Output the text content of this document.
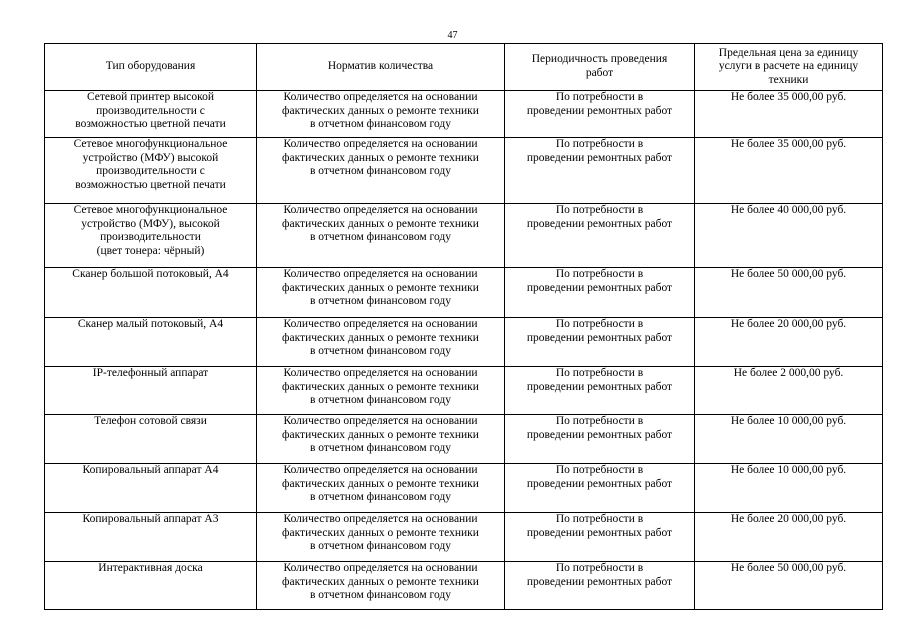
47
Тип оборудования	Норматив количества	Периодичность проведения
работ	Предельная цена за единицу
услуги в расчете на единицу
техники
Сетевой принтер высокой
производительности с
возможностью цветной печати	Количество определяется на основании
фактических данных о ремонте техники
в отчетном финансовом году	По потребности в
проведении ремонтных работ	Не более 35 000,00 руб.
Сетевое многофункциональное
устройство (МФУ) высокой
производительности с
возможностью цветной печати	Количество определяется на основании
фактических данных о ремонте техники
в отчетном финансовом году	По потребности в
проведении ремонтных работ	Не более 35 000,00 руб.
Сетевое многофункциональное
устройство (МФУ), высокой
производительности
(цвет тонера: чёрный)	Количество определяется на основании
фактических данных о ремонте техники
в отчетном финансовом году	По потребности в
проведении ремонтных работ	Не более 40 000,00 руб.
Сканер большой потоковый, А4	Количество определяется на основании
фактических данных о ремонте техники
в отчетном финансовом году	По потребности в
проведении ремонтных работ	Не более 50 000,00 руб.
Сканер малый потоковый, А4	Количество определяется на основании
фактических данных о ремонте техники
в отчетном финансовом году	По потребности в
проведении ремонтных работ	Не более 20 000,00 руб.
IP-телефонный аппарат	Количество определяется на основании
фактических данных о ремонте техники
в отчетном финансовом году	По потребности в
проведении ремонтных работ	Не более 2 000,00 руб.
Телефон сотовой связи	Количество определяется на основании
фактических данных о ремонте техники
в отчетном финансовом году	По потребности в
проведении ремонтных работ	Не более 10 000,00 руб.
Копировальный аппарат А4	Количество определяется на основании
фактических данных о ремонте техники
в отчетном финансовом году	По потребности в
проведении ремонтных работ	Не более 10 000,00 руб.
Копировальный аппарат А3	Количество определяется на основании
фактических данных о ремонте техники
в отчетном финансовом году	По потребности в
проведении ремонтных работ	Не более 20 000,00 руб.
Интерактивная доска	Количество определяется на основании
фактических данных о ремонте техники
в отчетном финансовом году	По потребности в
проведении ремонтных работ	Не более 50 000,00 руб.
